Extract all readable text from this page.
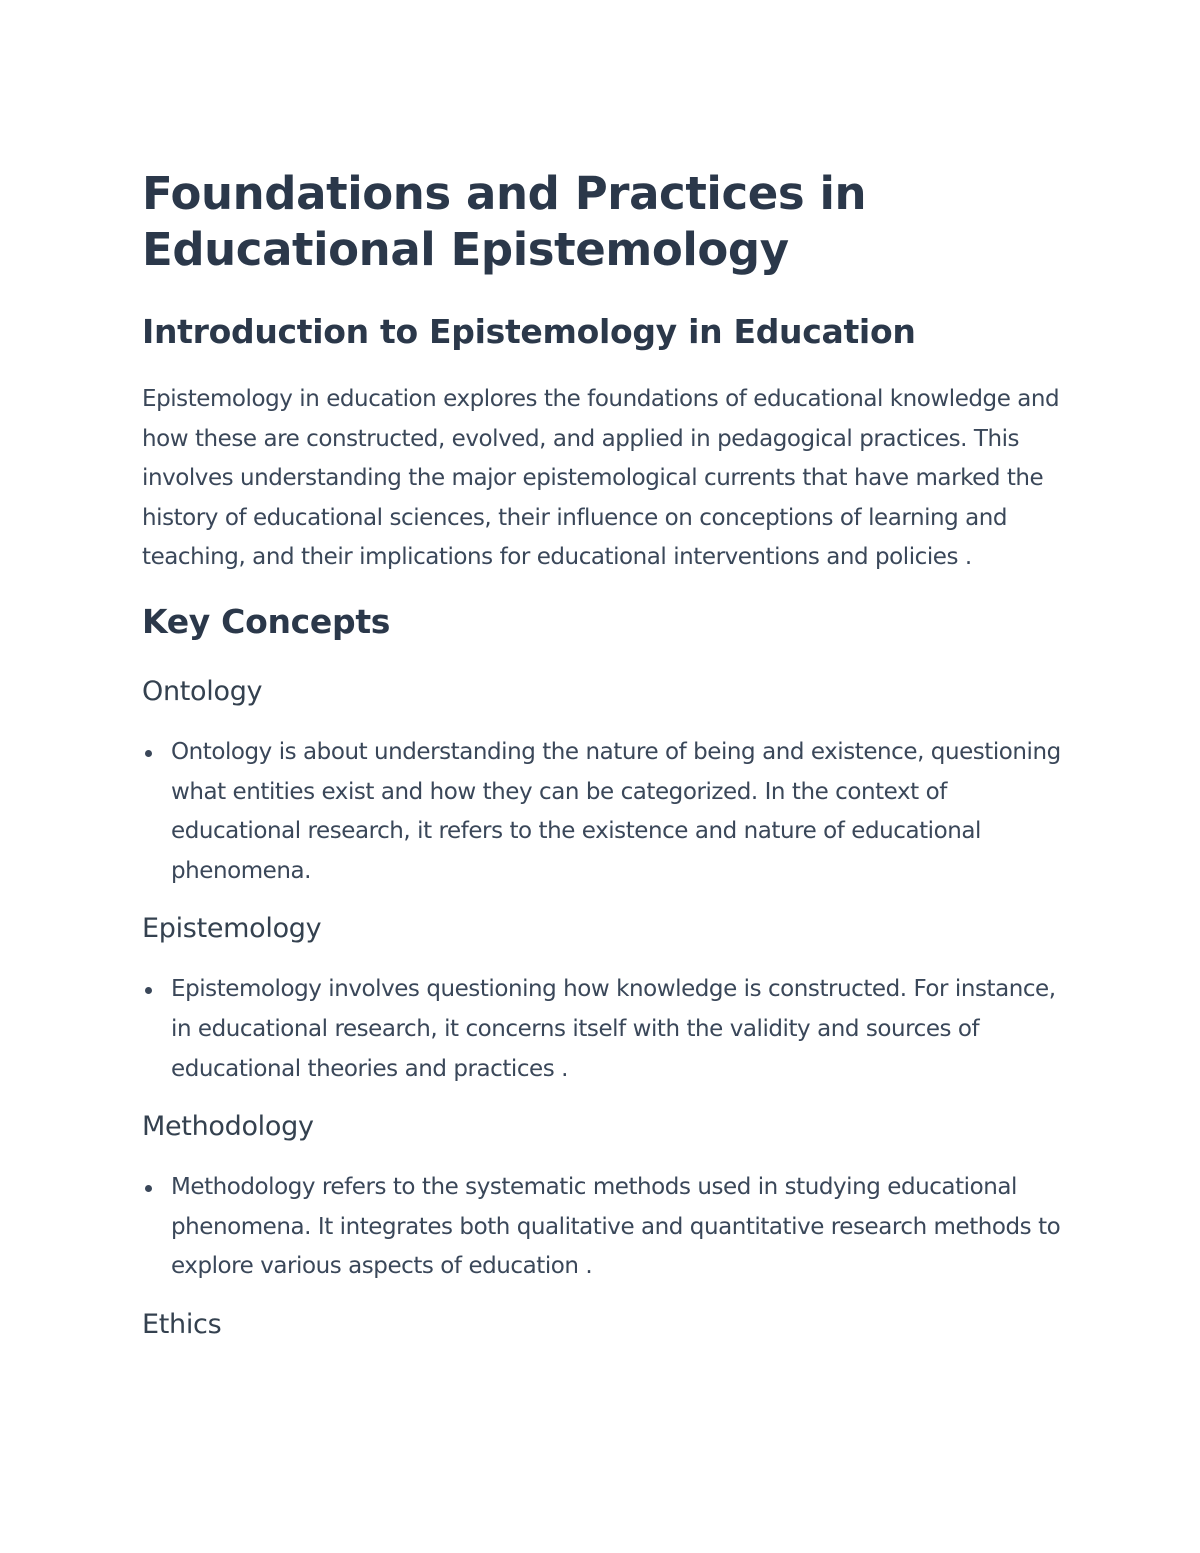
Foundations and Practices in Educational Epistemology
Introduction to Epistemology in Education

Epistemology in education explores the foundations of educational knowledge and how these are constructed, evolved, and applied in pedagogical practices. This involves understanding the major epistemological currents that have marked the history of educational sciences, their influence on conceptions of learning and teaching, and their implications for educational interventions and policies .

Key Concepts
Ontology
Ontology is about understanding the nature of being and existence, questioning what entities exist and how they can be categorized. In the context of educational research, it refers to the existence and nature of educational phenomena.
Epistemology
Epistemology involves questioning how knowledge is constructed. For instance, in educational research, it concerns itself with the validity and sources of educational theories and practices .
Methodology
Methodology refers to the systematic methods used in studying educational phenomena. It integrates both qualitative and quantitative research methods to explore various aspects of education .
Ethics
